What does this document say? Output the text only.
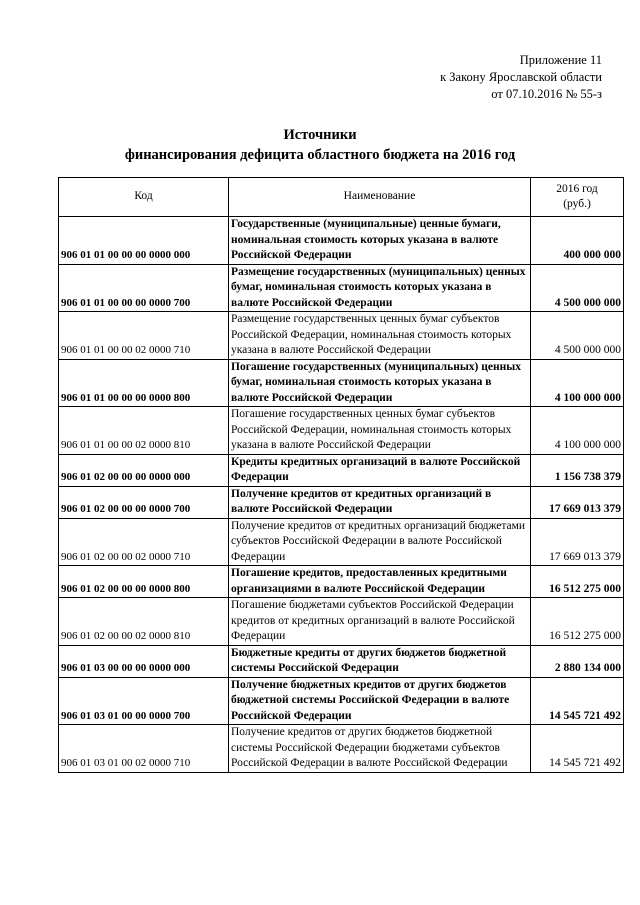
Приложение 11
к Закону Ярославской области
от 07.10.2016 № 55-з
Источники
финансирования дефицита областного бюджета на 2016 год
Код	Наименование	2016 год
(руб.)

906 01 01 00 00 00 0000 000	Государственные (муниципальные) ценные бумаги, номинальная стоимость которых указана в валюте Российской Федерации	400 000 000
906 01 01 00 00 00 0000 700	Размещение государственных (муниципальных) ценных бумаг, номинальная стоимость которых указана в валюте Российской Федерации	4 500 000 000
906 01 01 00 00 02 0000 710	Размещение государственных ценных бумаг субъектов Российской Федерации, номинальная стоимость которых указана в валюте Российской Федерации	4 500 000 000
906 01 01 00 00 00 0000 800	Погашение государственных (муниципальных) ценных бумаг, номинальная стоимость которых указана в валюте Российской Федерации	4 100 000 000
906 01 01 00 00 02 0000 810	Погашение государственных ценных бумаг субъектов Российской Федерации, номинальная стоимость которых указана в валюте Российской Федерации	4 100 000 000
906 01 02 00 00 00 0000 000	Кредиты кредитных организаций в валюте Российской Федерации	1 156 738 379
906 01 02 00 00 00 0000 700	Получение кредитов от кредитных организаций в валюте Российской Федерации	17 669 013 379
906 01 02 00 00 02 0000 710	Получение кредитов от кредитных организаций бюджетами субъектов Российской Федерации в валюте Российской Федерации	17 669 013 379
906 01 02 00 00 00 0000 800	Погашение кредитов, предоставленных кредитными организациями в валюте Российской Федерации	16 512 275 000
906 01 02 00 00 02 0000 810	Погашение бюджетами субъектов Российской Федерации кредитов от кредитных организаций в валюте Российской Федерации	16 512 275 000
906 01 03 00 00 00 0000 000	Бюджетные кредиты от других бюджетов бюджетной системы Российской Федерации	2 880 134 000
906 01 03 01 00 00 0000 700	Получение бюджетных кредитов от других бюджетов бюджетной системы Российской Федерации в валюте Российской Федерации	14 545 721 492
906 01 03 01 00 02 0000 710	Получение кредитов от других бюджетов бюджетной системы Российской Федерации бюджетами субъектов Российской Федерации в валюте Российской Федерации	14 545 721 492
